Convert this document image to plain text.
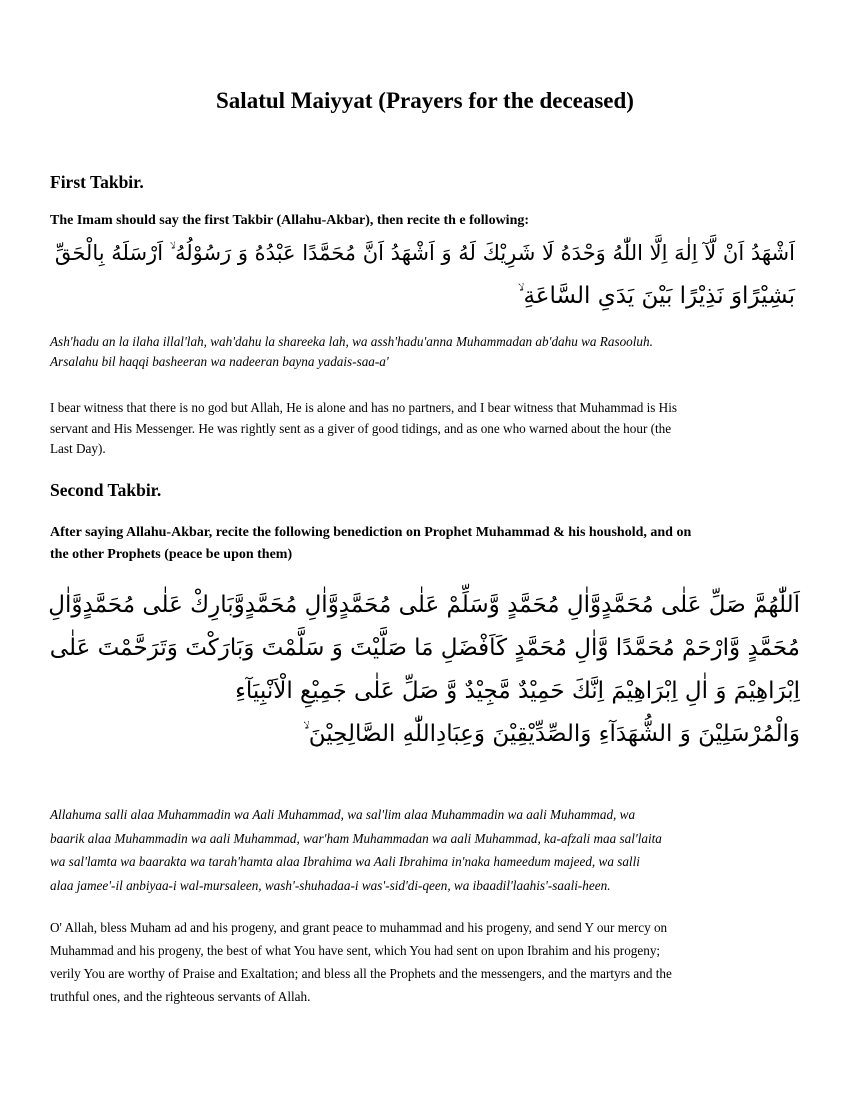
Salatul Maiyyat (Prayers for the deceased)
First Takbir.
The Imam should say the first Takbir (Allahu-Akbar), then recite th e following:
اَشْهَدُ اَنْ لَّآ اِلٰهَ اِلَّا اللّٰهُ وَحْدَهُ لَا شَرِيْكَ لَهُ وَ اَشْهَدُ اَنَّ مُحَمَّدًا عَبْدُهُ وَ رَسُوْلُهُ ۙ اَرْسَلَهُ بِالْحَقِّ
بَشِيْرًاوَ نَذِيْرًا بَيْنَ يَدَىِ السَّاعَةِ ۙ
Ash'hadu an la ilaha illal'lah, wah'dahu la shareeka lah, wa assh'hadu'anna Muhammadan ab'dahu wa Rasooluh.
Arsalahu bil haqqi basheeran wa nadeeran bayna yadais-saa-a'
I bear witness that there is no god but Allah, He is alone and has no partners, and I bear witness that Muhammad is His
servant and His Messenger. He was rightly sent as a giver of good tidings, and as one who warned about the hour (the
Last Day).
Second Takbir.
After saying Allahu-Akbar, recite the following benediction on Prophet Muhammad & his houshold, and on
the other Prophets (peace be upon them)
اَللّٰهُمَّ صَلِّ عَلٰى مُحَمَّدٍوَّاٰلِ مُحَمَّدٍ وَّسَلِّمْ عَلٰى مُحَمَّدٍوَّاٰلِ مُحَمَّدٍوَّبَارِكْ عَلٰى مُحَمَّدٍوَّاٰلِ
مُحَمَّدٍ وَّارْحَمْ مُحَمَّدًا وَّاٰلِ مُحَمَّدٍ كَاَفْضَلِ مَا صَلَّيْتَ وَ سَلَّمْتَ وَبَارَكْتَ وَتَرَحَّمْتَ عَلٰى
اِبْرَاهِيْمَ وَ اٰلِ اِبْرَاهِيْمَ اِنَّكَ حَمِيْدٌ مَّجِيْدٌ وَّ صَلِّ عَلٰى جَمِيْعِ الْاَنْبِيَآءِ
وَالْمُرْسَلِيْنَ وَ الشُّهَدَآءِ وَالصِّدِّيْقِيْنَ وَعِبَادِاللّٰهِ الصَّالِحِيْنَ ۙ
Allahuma salli alaa Muhammadin wa Aali Muhammad, wa sal'lim alaa Muhammadin wa aali Muhammad, wa
baarik alaa Muhammadin wa aali Muhammad, war'ham Muhammadan wa aali Muhammad, ka-afzali maa sal'laita
wa sal'lamta wa baarakta wa tarah'hamta alaa Ibrahima wa Aali Ibrahima in'naka hameedum majeed, wa salli
alaa jamee'-il anbiyaa-i wal-mursaleen, wash'-shuhadaa-i was'-sid'di-qeen, wa ibaadil'laahis'-saali-heen.
O' Allah, bless Muham ad and his progeny, and grant peace to muhammad and his progeny, and send Y our mercy on
Muhammad and his progeny, the best of what You have sent, which You had sent on upon Ibrahim and his progeny;
verily You are worthy of Praise and Exaltation; and bless all the Prophets and the messengers, and the martyrs and the
truthful ones, and the righteous servants of Allah.
